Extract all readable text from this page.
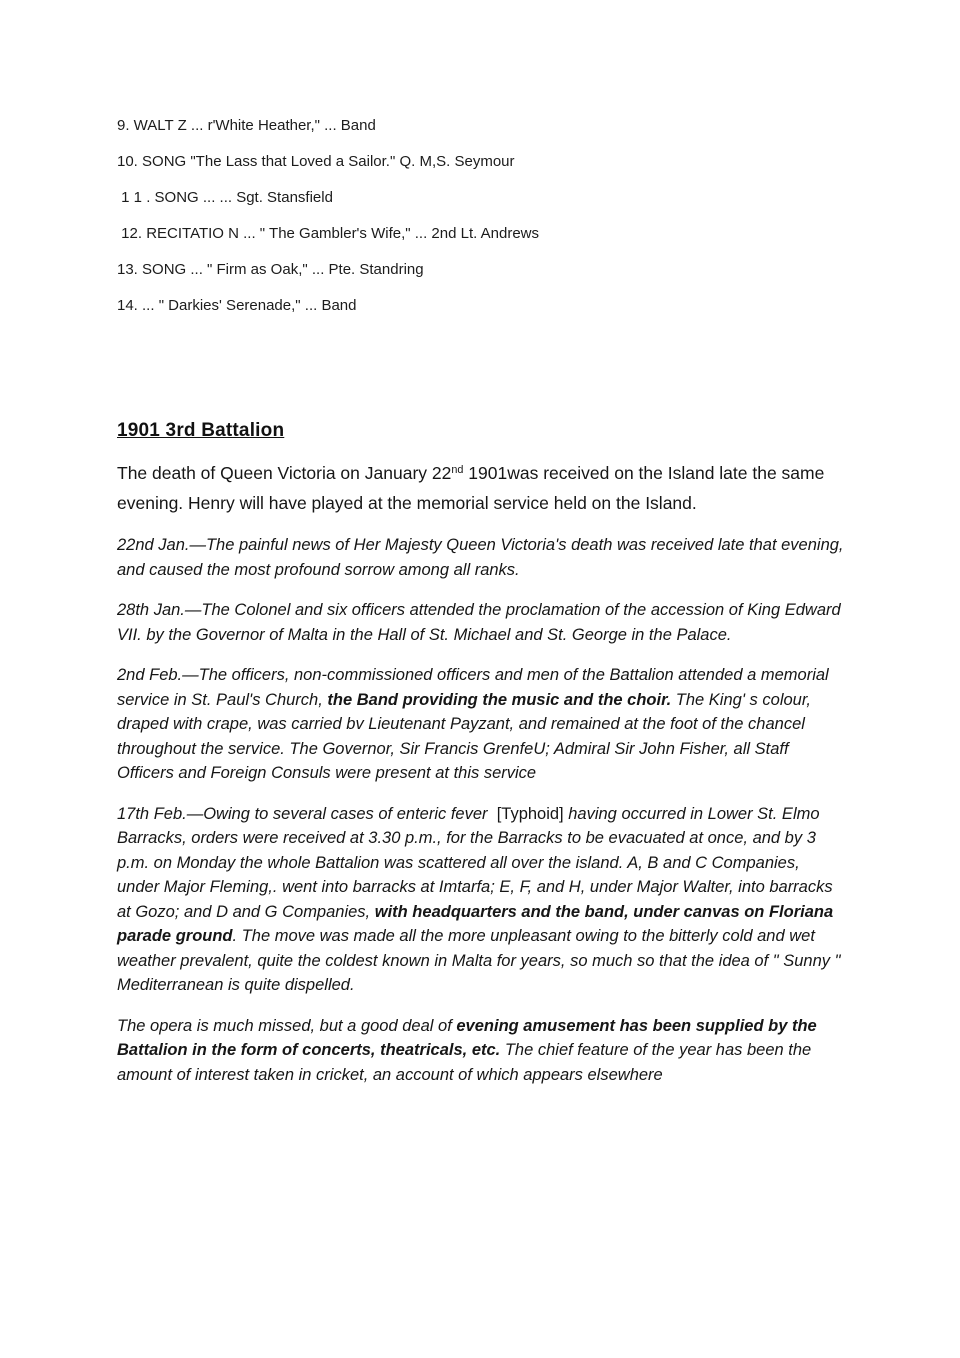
9. WALT Z ... r'White Heather," ... Band

10. SONG "The Lass that Loved a Sailor." Q. M,S. Seymour

1 1 . SONG ... ... Sgt. Stansfield

12. RECITATIO N ... " The Gambler's Wife," ... 2nd Lt. Andrews

13. SONG ... " Firm as Oak," ... Pte. Standring

14. ... " Darkies' Serenade," ... Band

1901 3rd Battalion

The death of Queen Victoria on January 22nd 1901was received on the Island late the same evening. Henry will have played at the memorial service held on the Island.

22nd Jan.—The painful news of Her Majesty Queen Victoria's death was received late that evening, and caused the most profound sorrow among all ranks.

28th Jan.—The Colonel and six officers attended the proclamation of the accession of King Edward VII. by the Governor of Malta in the Hall of St. Michael and St. George in the Palace.

2nd Feb.—The officers, non-commissioned officers and men of the Battalion attended a memorial service in St. Paul's Church, the Band providing the music and the choir. The King' s colour, draped with crape, was carried bv Lieutenant Payzant, and remained at the foot of the chancel throughout the service. The Governor, Sir Francis GrenfeU; Admiral Sir John Fisher, all Staff Officers and Foreign Consuls were present at this service

17th Feb.—Owing to several cases of enteric fever  [Typhoid] having occurred in Lower St. Elmo Barracks, orders were received at 3.30 p.m., for the Barracks to be evacuated at once, and by 3 p.m. on Monday the whole Battalion was scattered all over the island. A, B and C Companies, under Major Fleming,. went into barracks at Imtarfa; E, F, and H, under Major Walter, into barracks at Gozo; and D and G Companies, with headquarters and the band, under canvas on Floriana parade ground. The move was made all the more unpleasant owing to the bitterly cold and wet weather prevalent, quite the coldest known in Malta for years, so much so that the idea of " Sunny " Mediterranean is quite dispelled.

The opera is much missed, but a good deal of evening amusement has been supplied by the Battalion in the form of concerts, theatricals, etc. The chief feature of the year has been the amount of interest taken in cricket, an account of which appears elsewhere
